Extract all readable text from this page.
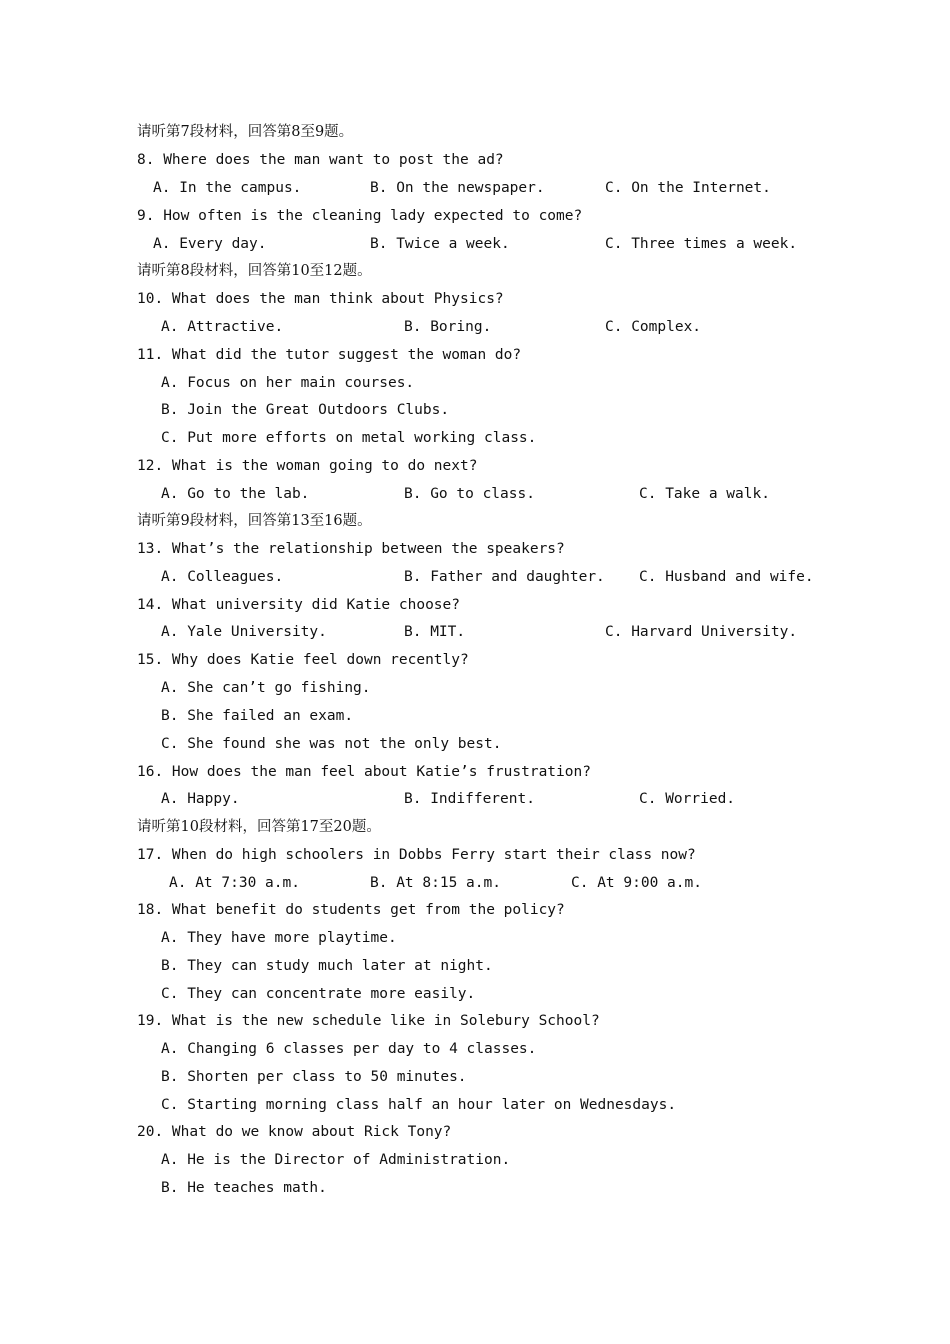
请听第7段材料，回答第8至9题。
8. Where does the man want to post the ad?
A. In the campus.	B. On the newspaper.	C. On the Internet.
9. How often is the cleaning lady expected to come?
A. Every day.	B. Twice a week.	C. Three times a week.
请听第8段材料，回答第10至12题。
10. What does the man think about Physics?
A. Attractive.	B. Boring.	C. Complex.
11. What did the tutor suggest the woman do?
A. Focus on her main courses.
B. Join the Great Outdoors Clubs.
C. Put more efforts on metal working class.
12. What is the woman going to do next?
A. Go to the lab.	B. Go to class.	C. Take a walk.
请听第9段材料，回答第13至16题。
13. What’s the relationship between the speakers?
A. Colleagues.	B. Father and daughter. C. Husband and wife.
14. What university did Katie choose?
A. Yale University.	B. MIT.	C. Harvard University.
15. Why does Katie feel down recently?
A. She can’t go fishing.
B. She failed an exam.
C. She found she was not the only best.
16. How does the man feel about Katie’s frustration?
A. Happy.	B. Indifferent.	C. Worried.
请听第10段材料，回答第17至20题。
17. When do high schoolers in Dobbs Ferry start their class now?
A. At 7:30 a.m.	B. At 8:15 a.m.	C. At 9:00 a.m.
18. What benefit do students get from the policy?
A. They have more playtime.
B. They can study much later at night.
C. They can concentrate more easily.
19. What is the new schedule like in Solebury School?
A. Changing 6 classes per day to 4 classes.
B. Shorten per class to 50 minutes.
C. Starting morning class half an hour later on Wednesdays.
20. What do we know about Rick Tony?
A. He is the Director of Administration.
B. He teaches math.
